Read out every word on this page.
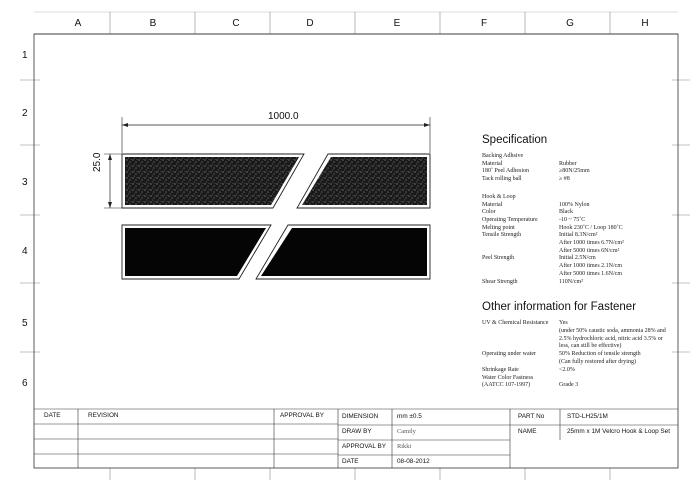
A	B	C	D	E	F	G	H
1
2
3
4
5
6
1000.0
25.0
Specification
Backing Adhsive
Material	Rubber
180˚ Peel Adhesion	≥80N/25mm
Tack rolling ball	≥ #8
Hook & Loop
Material	100% Nylon
Color	Black
Operating Temperature	-10 ~ 75˚C
Melting point	Hook 230˚C / Loop 180˚C
Tensile Strength	Initial 8.3N/cm²
After 1000 times 6.7N/cm²
After 5000 times 6N/cm²
Peel Strength	Initial 2.5N/cm
After 1000 times 2.1N/cm
After 5000 times 1.6N/cm
Shear Strength	110N/cm²
Other information for Fastener
UV & Chemical Resistance Yes
(under 50% caustic soda, ammonia 28% and
2.5% hydrochloric acid, nitric acid 3.5% or
less, can still be effective)
Operating under water	50% Reduction of tensile strength
(Can fully restored after drying)
Shrinkage Rate	<2.0%
Water Color Fastness
(AATCC 107-1997)	Grade 3
DATE	REVISION	APPROVAL BY	DIMENSION	mm ±0.5
DRAW BY	Camily
APPROVAL BY Rikki
DATE	08-08-2012
PART No	STD-LH25/1M
NAME	25mm x 1M Velcro Hook & Loop Set
